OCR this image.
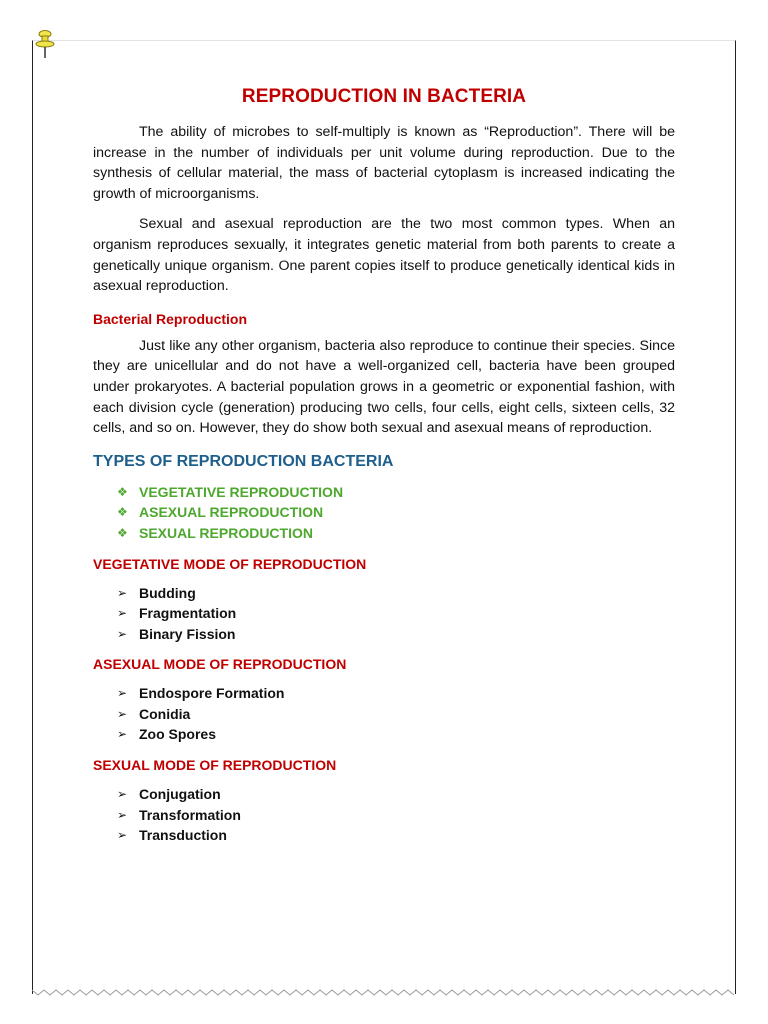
REPRODUCTION IN BACTERIA

The ability of microbes to self-multiply is known as “Reproduction”. There will be increase in the number of individuals per unit volume during reproduction. Due to the synthesis of cellular material, the mass of bacterial cytoplasm is increased indicating the growth of microorganisms.

Sexual and asexual reproduction are the two most common types. When an organism reproduces sexually, it integrates genetic material from both parents to create a genetically unique organism. One parent copies itself to produce genetically identical kids in asexual reproduction.

Bacterial Reproduction

Just like any other organism, bacteria also reproduce to continue their species. Since they are unicellular and do not have a well-organized cell, bacteria have been grouped under prokaryotes. A bacterial population grows in a geometric or exponential fashion, with each division cycle (generation) producing two cells, four cells, eight cells, sixteen cells, 32 cells, and so on. However, they do show both sexual and asexual means of reproduction.

TYPES OF REPRODUCTION BACTERIA
❖ VEGETATIVE REPRODUCTION
❖ ASEXUAL REPRODUCTION
❖ SEXUAL REPRODUCTION
VEGETATIVE MODE OF REPRODUCTION
➢ Budding
➢ Fragmentation
➢ Binary Fission
ASEXUAL MODE OF REPRODUCTION
➢ Endospore Formation
➢ Conidia
➢ Zoo Spores
SEXUAL MODE OF REPRODUCTION
➢ Conjugation
➢ Transformation
➢ Transduction
